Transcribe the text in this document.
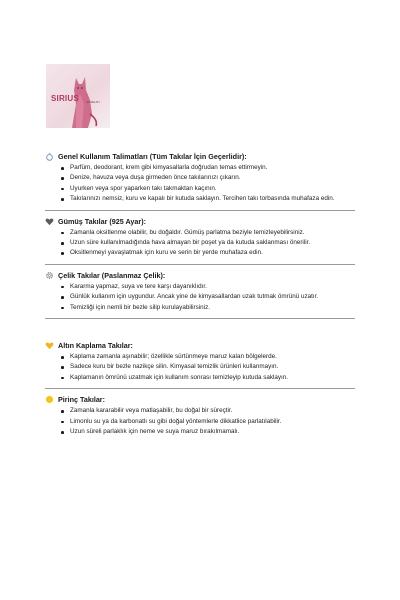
SIRIUS JEWELRY
Genel Kullanım Talimatları (Tüm Takılar İçin Geçerlidir):
Parfüm, deodorant, krem gibi kimyasallarla doğrudan temas ettirmeyin.
Denize, havuza veya duşa girmeden önce takılarınızı çıkarın.
Uyurken veya spor yaparken takı takmaktan kaçının.
Takılarınızı nemsiz, kuru ve kapalı bir kutuda saklayın. Tercihen takı torbasında muhafaza edin.
Gümüş Takılar (925 Ayar):
Zamanla oksitlenme olabilir, bu doğaldır. Gümüş parlatma beziyle temizleyebilirsiniz.
Uzun süre kullanılmadığında hava almayan bir poşet ya da kutuda saklanması önerilir.
Oksitlenmeyi yavaşlatmak için kuru ve serin bir yerde muhafaza edin.
Çelik Takılar (Paslanmaz Çelik):
Kararma yapmaz, suya ve tere karşı dayanıklıdır.
Günlük kullanım için uygundur. Ancak yine de kimyasallardan uzak tutmak ömrünü uzatır.
Temizliği için nemli bir bezle silip kurulayabilirsiniz.
Altın Kaplama Takılar:
Kaplama zamanla aşınabilir; özellikle sürtünmeye maruz kalan bölgelerde.
Sadece kuru bir bezle nazikçe silin. Kimyasal temizlik ürünleri kullanmayın.
Kaplamanın ömrünü uzatmak için kullanım sonrası temizleyip kutuda saklayın.
Pirinç Takılar:
Zamanla kararabilir veya matlaşabilir, bu doğal bir süreçtir.
Limonlu su ya da karbonatlı su gibi doğal yöntemlerle dikkatlice parlatılabilir.
Uzun süreli parlaklık için neme ve suya maruz bırakılmamalı.
